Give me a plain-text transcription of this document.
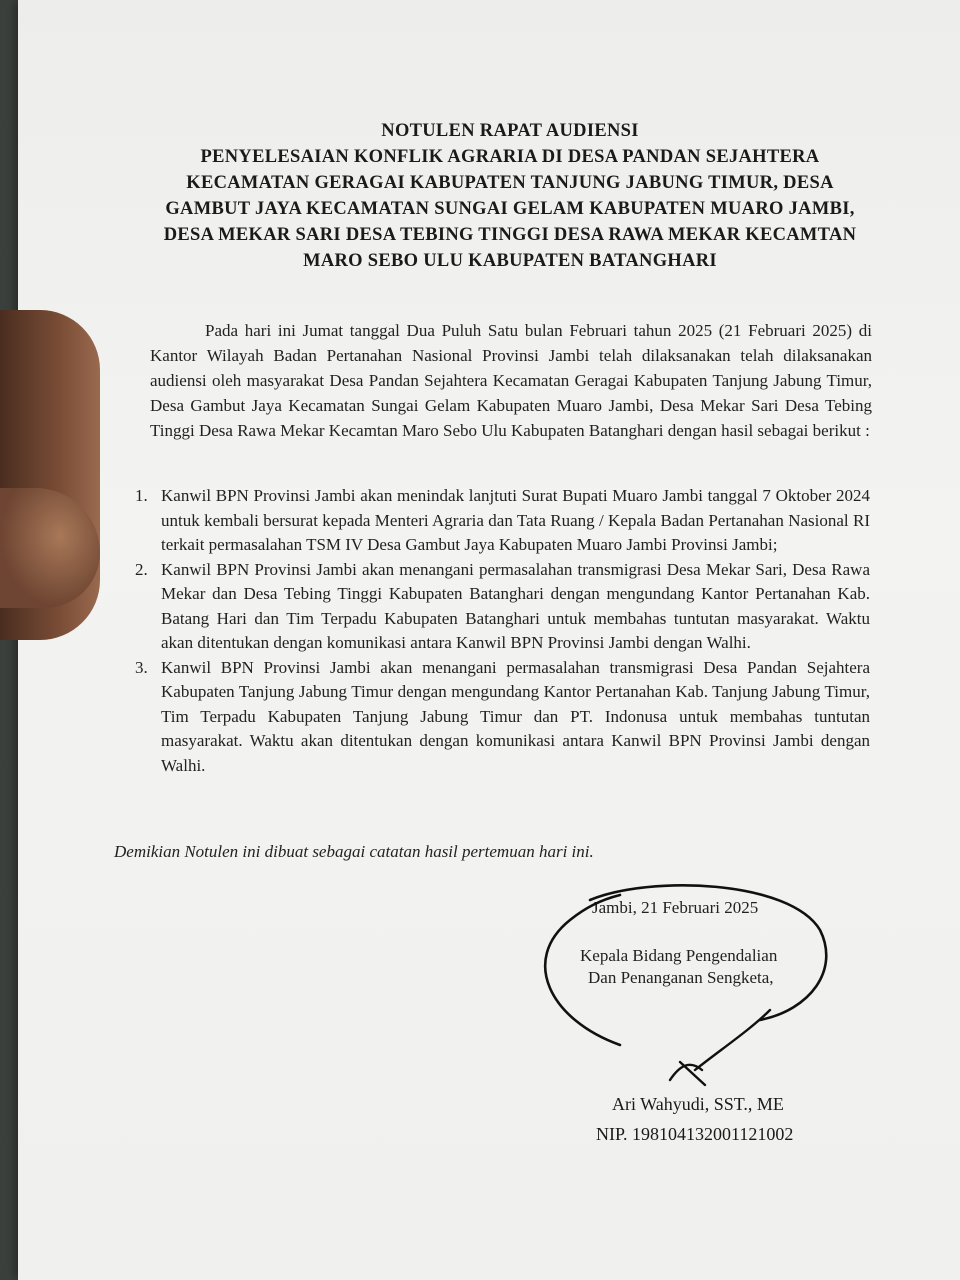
NOTULEN RAPAT AUDIENSI
PENYELESAIAN KONFLIK AGRARIA DI DESA PANDAN SEJAHTERA
KECAMATAN GERAGAI KABUPATEN TANJUNG JABUNG TIMUR, DESA
GAMBUT JAYA KECAMATAN SUNGAI GELAM KABUPATEN MUARO JAMBI,
DESA MEKAR SARI DESA TEBING TINGGI DESA RAWA MEKAR KECAMTAN
MARO SEBO ULU KABUPATEN BATANGHARI
Pada hari ini Jumat tanggal Dua Puluh Satu bulan Februari tahun 2025 (21 Februari 2025) di Kantor Wilayah Badan Pertanahan Nasional Provinsi Jambi telah dilaksanakan telah dilaksanakan audiensi oleh masyarakat Desa Pandan Sejahtera Kecamatan Geragai Kabupaten Tanjung Jabung Timur, Desa Gambut Jaya Kecamatan Sungai Gelam Kabupaten Muaro Jambi, Desa Mekar Sari Desa Tebing Tinggi Desa Rawa Mekar Kecamtan Maro Sebo Ulu Kabupaten Batanghari dengan hasil sebagai berikut :
1. Kanwil BPN Provinsi Jambi akan menindak lanjtuti Surat Bupati Muaro Jambi tanggal 7 Oktober 2024 untuk kembali bersurat kepada Menteri Agraria dan Tata Ruang / Kepala Badan Pertanahan Nasional RI terkait permasalahan TSM IV Desa Gambut Jaya Kabupaten Muaro Jambi Provinsi Jambi;
2. Kanwil BPN Provinsi Jambi akan menangani permasalahan transmigrasi Desa Mekar Sari, Desa Rawa Mekar dan Desa Tebing Tinggi Kabupaten Batanghari dengan mengundang Kantor Pertanahan Kab. Batang Hari dan Tim Terpadu Kabupaten Batanghari untuk membahas tuntutan masyarakat. Waktu akan ditentukan dengan komunikasi antara Kanwil BPN Provinsi Jambi dengan Walhi.
3. Kanwil BPN Provinsi Jambi akan menangani permasalahan transmigrasi Desa Pandan Sejahtera Kabupaten Tanjung Jabung Timur dengan mengundang Kantor Pertanahan Kab. Tanjung Jabung Timur, Tim Terpadu Kabupaten Tanjung Jabung Timur dan PT. Indonusa untuk membahas tuntutan masyarakat. Waktu akan ditentukan dengan komunikasi antara Kanwil BPN Provinsi Jambi dengan Walhi.
Demikian Notulen ini dibuat sebagai catatan hasil pertemuan hari ini.
Jambi, 21 Februari 2025
Kepala Bidang Pengendalian
Dan Penanganan Sengketa,
Ari Wahyudi, SST., ME
NIP. 198104132001121002
